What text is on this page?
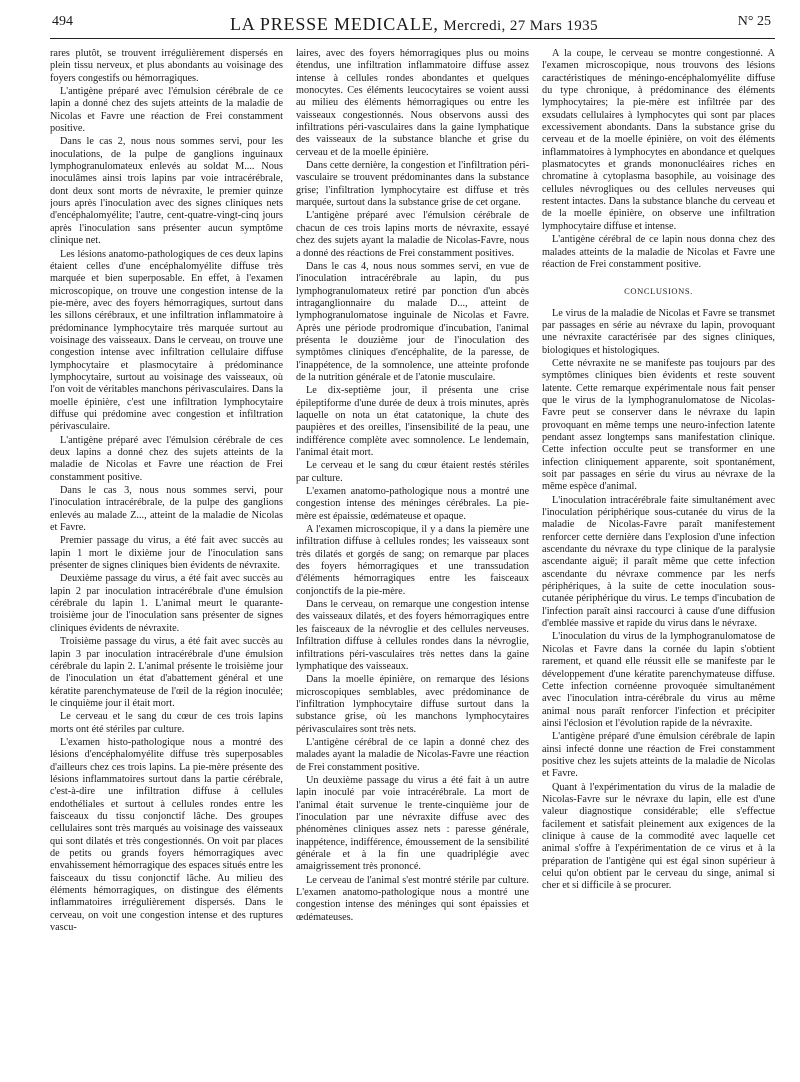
494	LA PRESSE MEDICALE, Mercredi, 27 Mars 1935	N° 25

rares plutôt, se trouvent irrégulièrement dispersés en plein tissu nerveux, et plus abondants au voisinage des foyers congestifs ou hémorragiques.

L'antigène préparé avec l'émulsion cérébrale de ce lapin a donné chez des sujets atteints de la maladie de Nicolas et Favre une réaction de Frei constamment positive.

Dans le cas 2, nous nous sommes servi, pour les inoculations, de la pulpe de ganglions inguinaux lymphogranulomateux enlevés au soldat M.... Nous inoculâmes ainsi trois lapins par voie intracérébrale, dont deux sont morts de névraxite, le premier quinze jours après l'inoculation avec des signes cliniques nets d'encéphalomyélite; l'autre, cent-quatre-vingt-cinq jours après l'inoculation sans présenter aucun symptôme clinique net.

Les lésions anatomo-pathologiques de ces deux lapins étaient celles d'une encéphalomyélite diffuse très marquée et bien superposable. En effet, à l'examen microscopique, on trouve une congestion intense de la pie-mère, avec des foyers hémorragiques, surtout dans les sillons cérébraux, et une infiltration inflammatoire à prédominance lymphocytaire très marquée surtout au voisinage des vaisseaux. Dans le cerveau, on trouve une congestion intense avec infiltration cellulaire diffuse lymphocytaire et plasmocytaire à prédominance lymphocytaire, surtout au voisinage des vaisseaux, où l'on voit de véritables manchons périvasculaires. Dans la moelle épinière, c'est une infiltration lymphocytaire diffuse qui prédomine avec congestion et infiltration périvasculaire.

L'antigène préparé avec l'émulsion cérébrale de ces deux lapins a donné chez des sujets atteints de la maladie de Nicolas et Favre une réaction de Frei constamment positive.

Dans le cas 3, nous nous sommes servi, pour l'inoculation intracérébrale, de la pulpe des ganglions enlevés au malade Z..., atteint de la maladie de Nicolas et Favre.

Premier passage du virus, a été fait avec succès au lapin 1 mort le dixième jour de l'inoculation sans présenter de signes cliniques bien évidents de névraxite.

Deuxième passage du virus, a été fait avec succès au lapin 2 par inoculation intracérébrale d'une émulsion cérébrale du lapin 1. L'animal meurt le quarante-troisième jour de l'inoculation sans présenter de signes cliniques évidents de névraxite.

Troisième passage du virus, a été fait avec succès au lapin 3 par inoculation intracérébrale d'une émulsion cérébrale du lapin 2. L'animal présente le troisième jour de l'inoculation un état d'abattement général et une kératite parenchymateuse de l'œil de la région inoculée; le cinquième jour il était mort.

Le cerveau et le sang du cœur de ces trois lapins morts ont été stériles par culture.

L'examen histo-pathologique nous a montré des lésions d'encéphalomyélite diffuse très superposables d'ailleurs chez ces trois lapins. La pie-mère présente des lésions inflammatoires surtout dans la partie cérébrale, c'est-à-dire une infiltration diffuse à cellules endothéliales et surtout à cellules rondes entre les faisceaux du tissu conjonctif lâche. Des groupes cellulaires sont très marqués au voisinage des vaisseaux qui sont dilatés et très congestionnés. On voit par places de petits ou grands foyers hémorragiques avec envahissement hémorragique des espaces situés entre les faisceaux du tissu conjonctif lâche. Au milieu des éléments hémorragiques, on distingue des éléments inflammatoires irrégulièrement dispersés. Dans le cerveau, on voit une congestion intense et des ruptures vascu-

laires, avec des foyers hémorragiques plus ou moins étendus, une infiltration inflammatoire diffuse assez intense à cellules rondes abondantes et quelques monocytes. Ces éléments leucocytaires se voient aussi au milieu des éléments hémorragiques ou entre les vaisseaux congestionnés. Nous observons aussi des infiltrations péri-vasculaires dans la gaine lymphatique des vaisseaux de la substance blanche et grise du cerveau et de la moelle épinière.

Dans cette dernière, la congestion et l'infiltration péri-vasculaire se trouvent prédominantes dans la substance grise; l'infiltration lymphocytaire est diffuse et très marquée, surtout dans la substance grise de cet organe.

L'antigène préparé avec l'émulsion cérébrale de chacun de ces trois lapins morts de névraxite, essayé chez des sujets ayant la maladie de Nicolas-Favre, nous a donné des réactions de Frei constamment positives.

Dans le cas 4, nous nous sommes servi, en vue de l'inoculation intracérébrale au lapin, du pus lymphogranulomateux retiré par ponction d'un abcès intraganglionnaire du malade D..., atteint de lymphogranulomatose inguinale de Nicolas et Favre. Après une période prodromique d'incubation, l'animal présenta le douzième jour de l'inoculation des symptômes cliniques d'encéphalite, de la paresse, de l'inappétence, de la somnolence, une atteinte profonde de la nutrition générale et de l'atonie musculaire.

Le dix-septième jour, il présenta une crise épileptiforme d'une durée de deux à trois minutes, après laquelle on nota un état catatonique, la chute des paupières et des oreilles, l'insensibilité de la peau, une indifférence complète avec somnolence. Le lendemain, l'animal était mort.

Le cerveau et le sang du cœur étaient restés stériles par culture.

L'examen anatomo-pathologique nous a montré une congestion intense des méninges cérébrales. La pie-mère est épaissie, œdémateuse et opaque.

A l'examen microscopique, il y a dans la piemère une infiltration diffuse à cellules rondes; les vaisseaux sont très dilatés et gorgés de sang; on remarque par places des foyers hémorragiques et une transsudation d'éléments hémorragiques entre les faisceaux conjonctifs de la pie-mère.

Dans le cerveau, on remarque une congestion intense des vaisseaux dilatés, et des foyers hémorragiques entre les faisceaux de la névroglie et des cellules nerveuses. Infiltration diffuse à cellules rondes dans la névroglie, infiltrations péri-vasculaires très nettes dans la gaine lymphatique des vaisseaux.

Dans la moelle épinière, on remarque des lésions microscopiques semblables, avec prédominance de l'infiltration lymphocytaire diffuse surtout dans la substance grise, où les manchons lymphocytaires périvasculaires sont très nets.

L'antigène cérébral de ce lapin a donné chez des malades ayant la maladie de Nicolas-Favre une réaction de Frei constamment positive.

Un deuxième passage du virus a été fait à un autre lapin inoculé par voie intracérébrale. La mort de l'animal était survenue le trente-cinquième jour de l'inoculation par une névraxite diffuse avec des phénomènes cliniques assez nets : paresse générale, inappétence, indifférence, émoussement de la sensibilité générale et à la fin une quadriplégie avec amaigrissement très prononcé.

Le cerveau de l'animal s'est montré stérile par culture. L'examen anatomo-pathologique nous a montré une congestion intense des méninges qui sont épaissies et œdémateuses.

A la coupe, le cerveau se montre congestionné. A l'examen microscopique, nous trouvons des lésions caractéristiques de méningo-encéphalomyélite diffuse du type chronique, à prédominance des éléments lymphocytaires; la pie-mère est infiltrée par des exsudats cellulaires à lymphocytes qui sont par places excessivement abondants. Dans la substance grise du cerveau et de la moelle épinière, on voit des éléments inflammatoires à lymphocytes en abondance et quelques plasmatocytes et grands mononucléaires riches en chromatine à cytoplasma basophile, au voisinage des cellules névrogliques ou des cellules nerveuses qui restent intactes. Dans la substance blanche du cerveau et de la moelle épinière, on observe une infiltration lymphocytaire diffuse et intense.

L'antigène cérébral de ce lapin nous donna chez des malades atteints de la maladie de Nicolas et Favre une réaction de Frei constamment positive.

CONCLUSIONS.

Le virus de la maladie de Nicolas et Favre se transmet par passages en série au névraxe du lapin, provoquant une névraxite caractérisée par des signes cliniques, biologiques et histologiques.

Cette névraxite ne se manifeste pas toujours par des symptômes cliniques bien évidents et reste souvent latente. Cette remarque expérimentale nous fait penser que le virus de la lymphogranulomatose de Nicolas-Favre peut se conserver dans le névraxe du lapin provoquant en même temps une neuro-infection latente pendant assez longtemps sans manifestation clinique. Cette infection occulte peut se transformer en une infection cliniquement apparente, soit spontanément, soit par passages en série du virus au névraxe de la même espèce d'animal.

L'inoculation intracérébrale faite simultanément avec l'inoculation périphérique sous-cutanée du virus de la maladie de Nicolas-Favre paraît manifestement renforcer cette dernière dans l'explosion d'une infection ascendante du névraxe du type clinique de la paralysie ascendante aiguë; il paraît même que cette infection ascendante du névraxe commence par les nerfs périphériques, à la suite de cette inoculation sous-cutanée périphérique du virus. Le temps d'incubation de l'infection paraît ainsi raccourci à cause d'une diffusion d'emblée massive et rapide du virus dans le névraxe.

L'inoculation du virus de la lymphogranulomatose de Nicolas et Favre dans la cornée du lapin s'obtient rarement, et quand elle réussit elle se manifeste par le développement d'une kératite parenchymateuse diffuse. Cette infection cornéenne provoquée simultanément avec l'inoculation intra-cérébrale du virus au même animal nous paraît renforcer l'infection et précipiter ainsi l'éclosion et l'évolution rapide de la névraxite.

L'antigène préparé d'une émulsion cérébrale de lapin ainsi infecté donne une réaction de Frei constamment positive chez les sujets atteints de la maladie de Nicolas et Favre.

Quant à l'expérimentation du virus de la maladie de Nicolas-Favre sur le névraxe du lapin, elle est d'une valeur diagnostique considérable; elle s'effectue facilement et satisfait pleinement aux exigences de la clinique à cause de la commodité avec laquelle cet animal s'offre à l'expérimentation de ce virus et à la préparation de l'antigène qui est égal sinon supérieur à celui qu'on obtient par le cerveau du singe, animal si cher et si difficile à se procurer.
